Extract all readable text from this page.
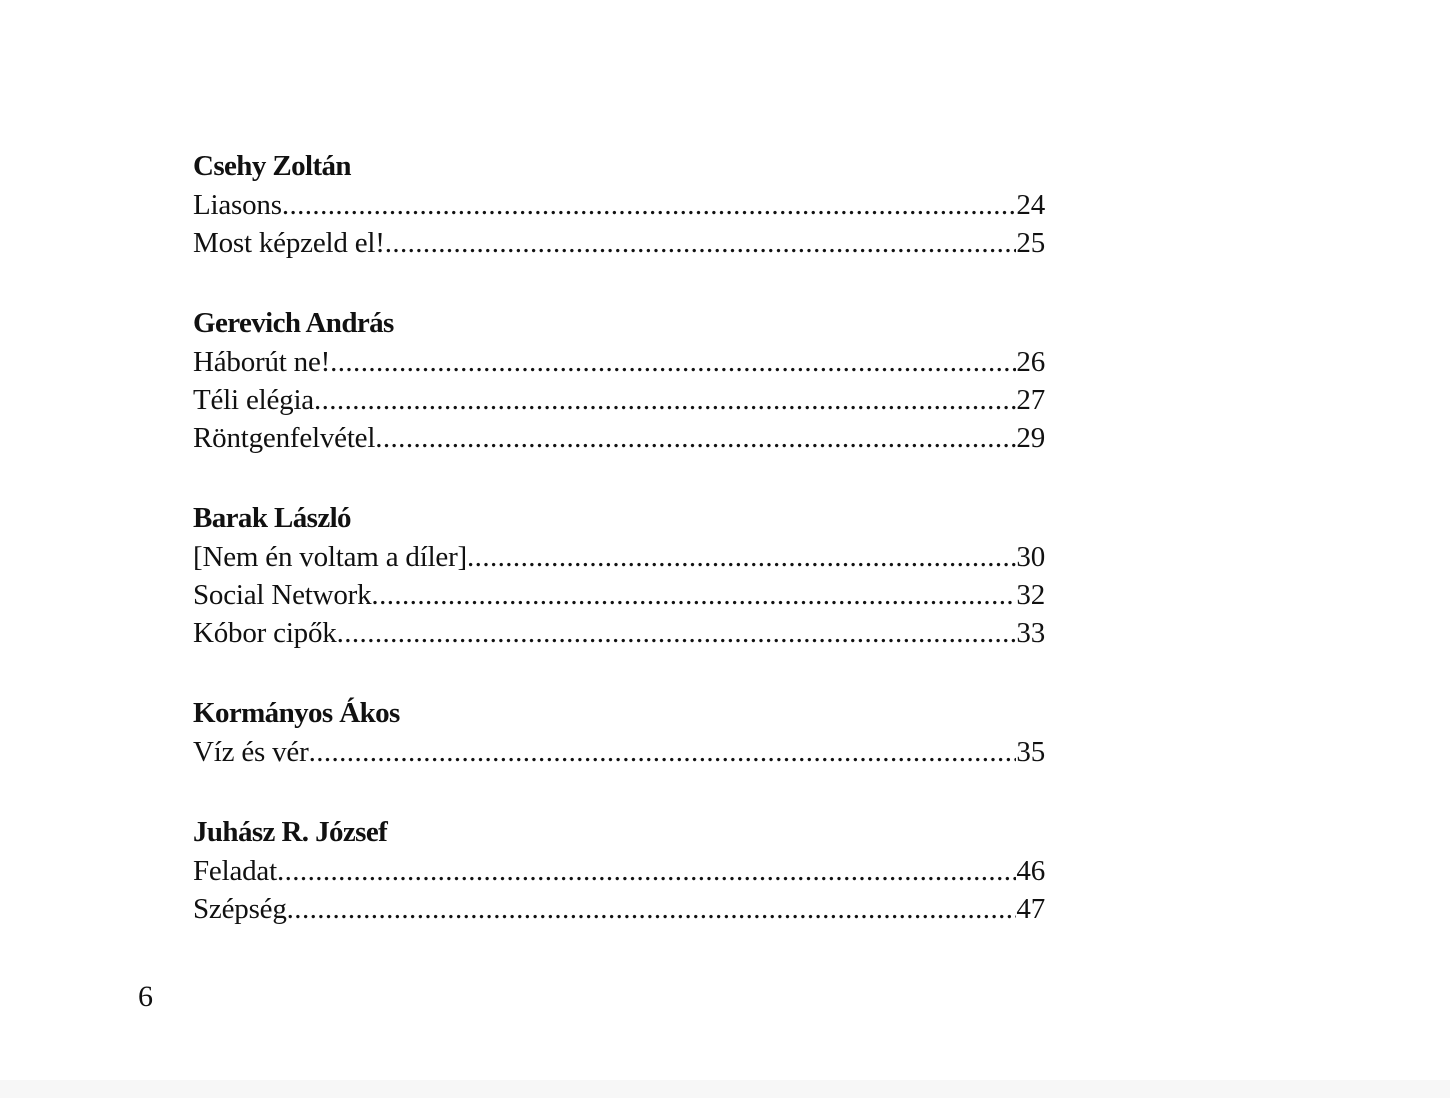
Csehy Zoltán
Liasons .....	24
Most képzeld el! .....	25
Gerevich András
Háborút ne! .....	26
Téli elégia .....	27
Röntgenfelvétel .....	29
Barak László
[Nem én voltam a díler] .....	30
Social Network .....	32
Kóbor cipők .....	33
Kormányos Ákos
Víz és vér .....	35
Juhász R. József
Feladat .....	46
Szépség .....	47
6
